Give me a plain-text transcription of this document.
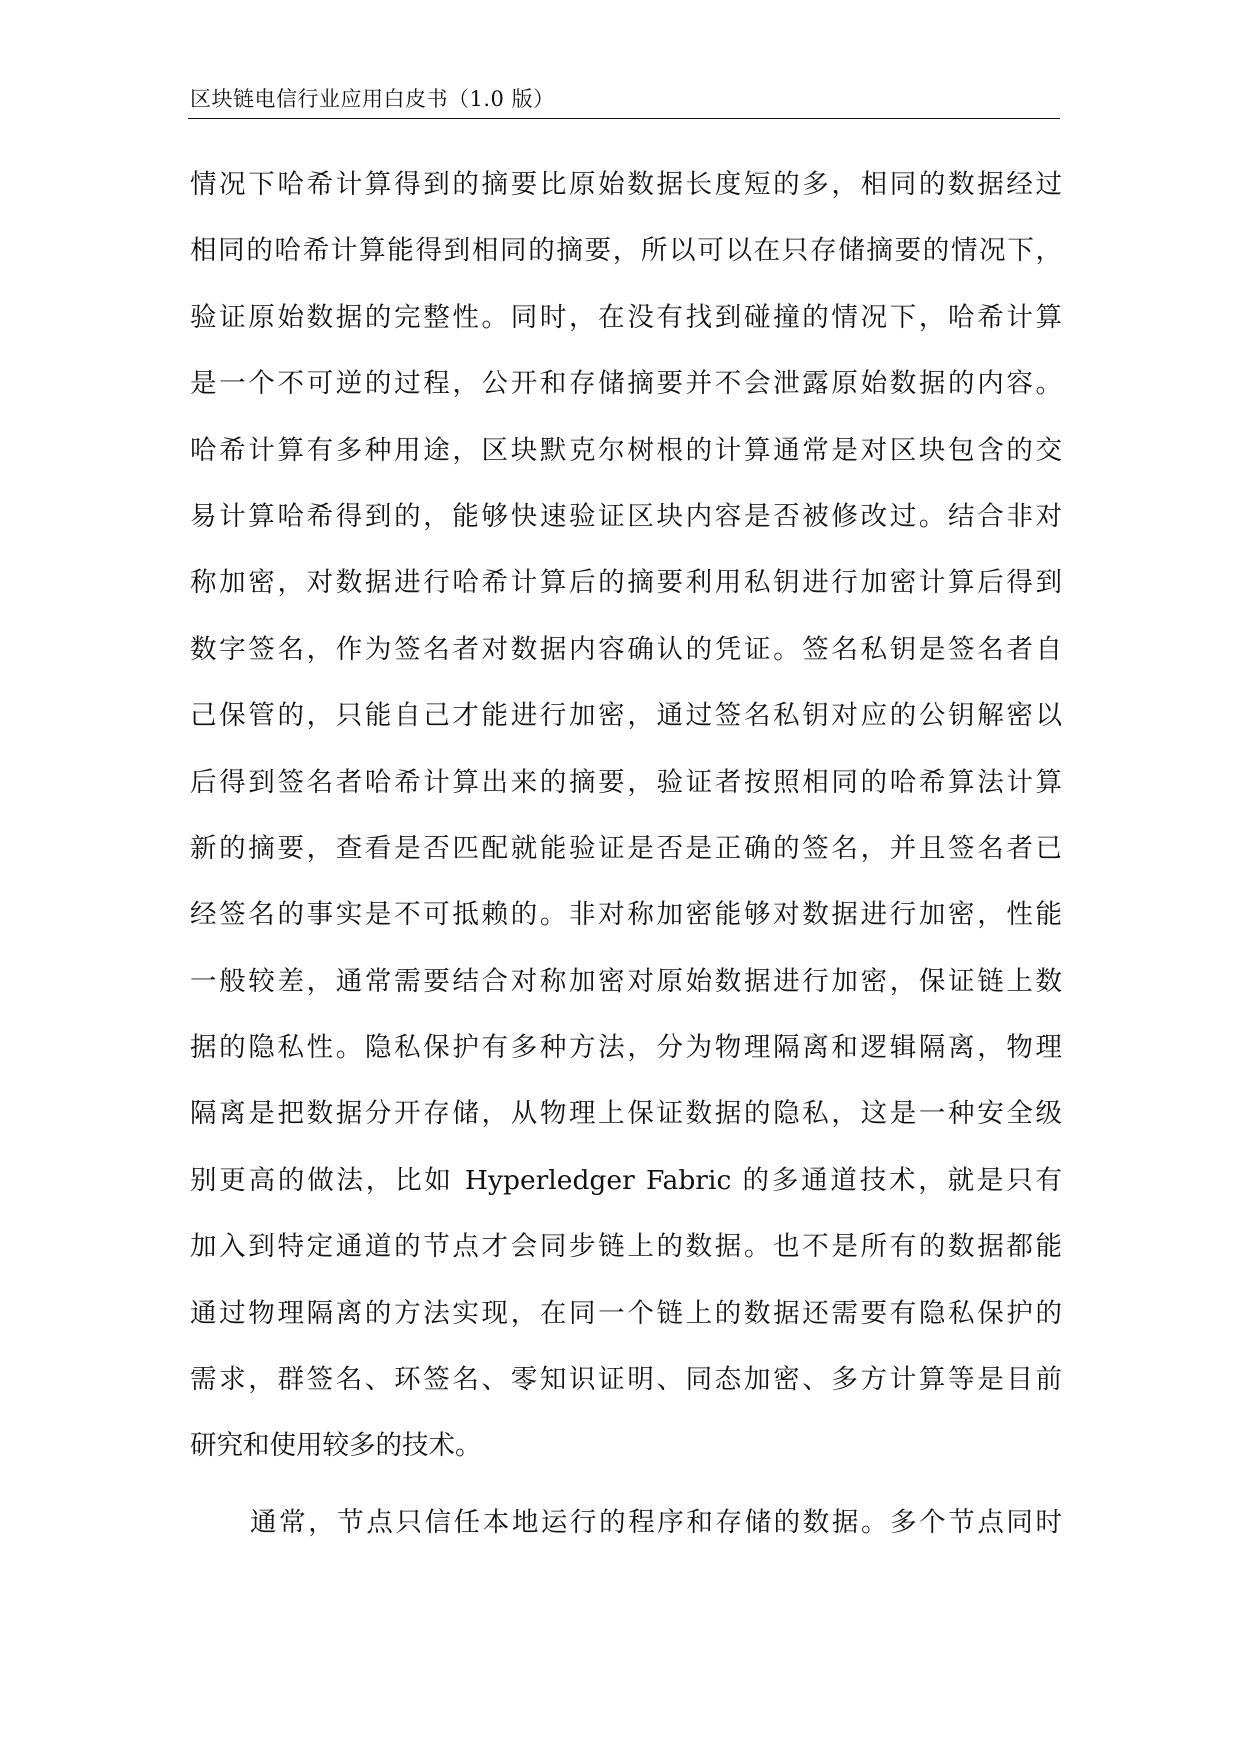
区块链电信行业应用白皮书（1.0 版）
情况下哈希计算得到的摘要比原始数据长度短的多，相同的数据经过
相同的哈希计算能得到相同的摘要，所以可以在只存储摘要的情况下，
验证原始数据的完整性。同时，在没有找到碰撞的情况下，哈希计算
是一个不可逆的过程，公开和存储摘要并不会泄露原始数据的内容。
哈希计算有多种用途，区块默克尔树根的计算通常是对区块包含的交
易计算哈希得到的，能够快速验证区块内容是否被修改过。结合非对
称加密，对数据进行哈希计算后的摘要利用私钥进行加密计算后得到
数字签名，作为签名者对数据内容确认的凭证。签名私钥是签名者自
己保管的，只能自己才能进行加密，通过签名私钥对应的公钥解密以
后得到签名者哈希计算出来的摘要，验证者按照相同的哈希算法计算
新的摘要，查看是否匹配就能验证是否是正确的签名，并且签名者已
经签名的事实是不可抵赖的。非对称加密能够对数据进行加密，性能
一般较差，通常需要结合对称加密对原始数据进行加密，保证链上数
据的隐私性。隐私保护有多种方法，分为物理隔离和逻辑隔离，物理
隔离是把数据分开存储，从物理上保证数据的隐私，这是一种安全级
别更高的做法，比如 Hyperledger Fabric 的多通道技术，就是只有
加入到特定通道的节点才会同步链上的数据。也不是所有的数据都能
通过物理隔离的方法实现，在同一个链上的数据还需要有隐私保护的
需求，群签名、环签名、零知识证明、同态加密、多方计算等是目前
研究和使用较多的技术。
通常，节点只信任本地运行的程序和存储的数据。多个节点同时
